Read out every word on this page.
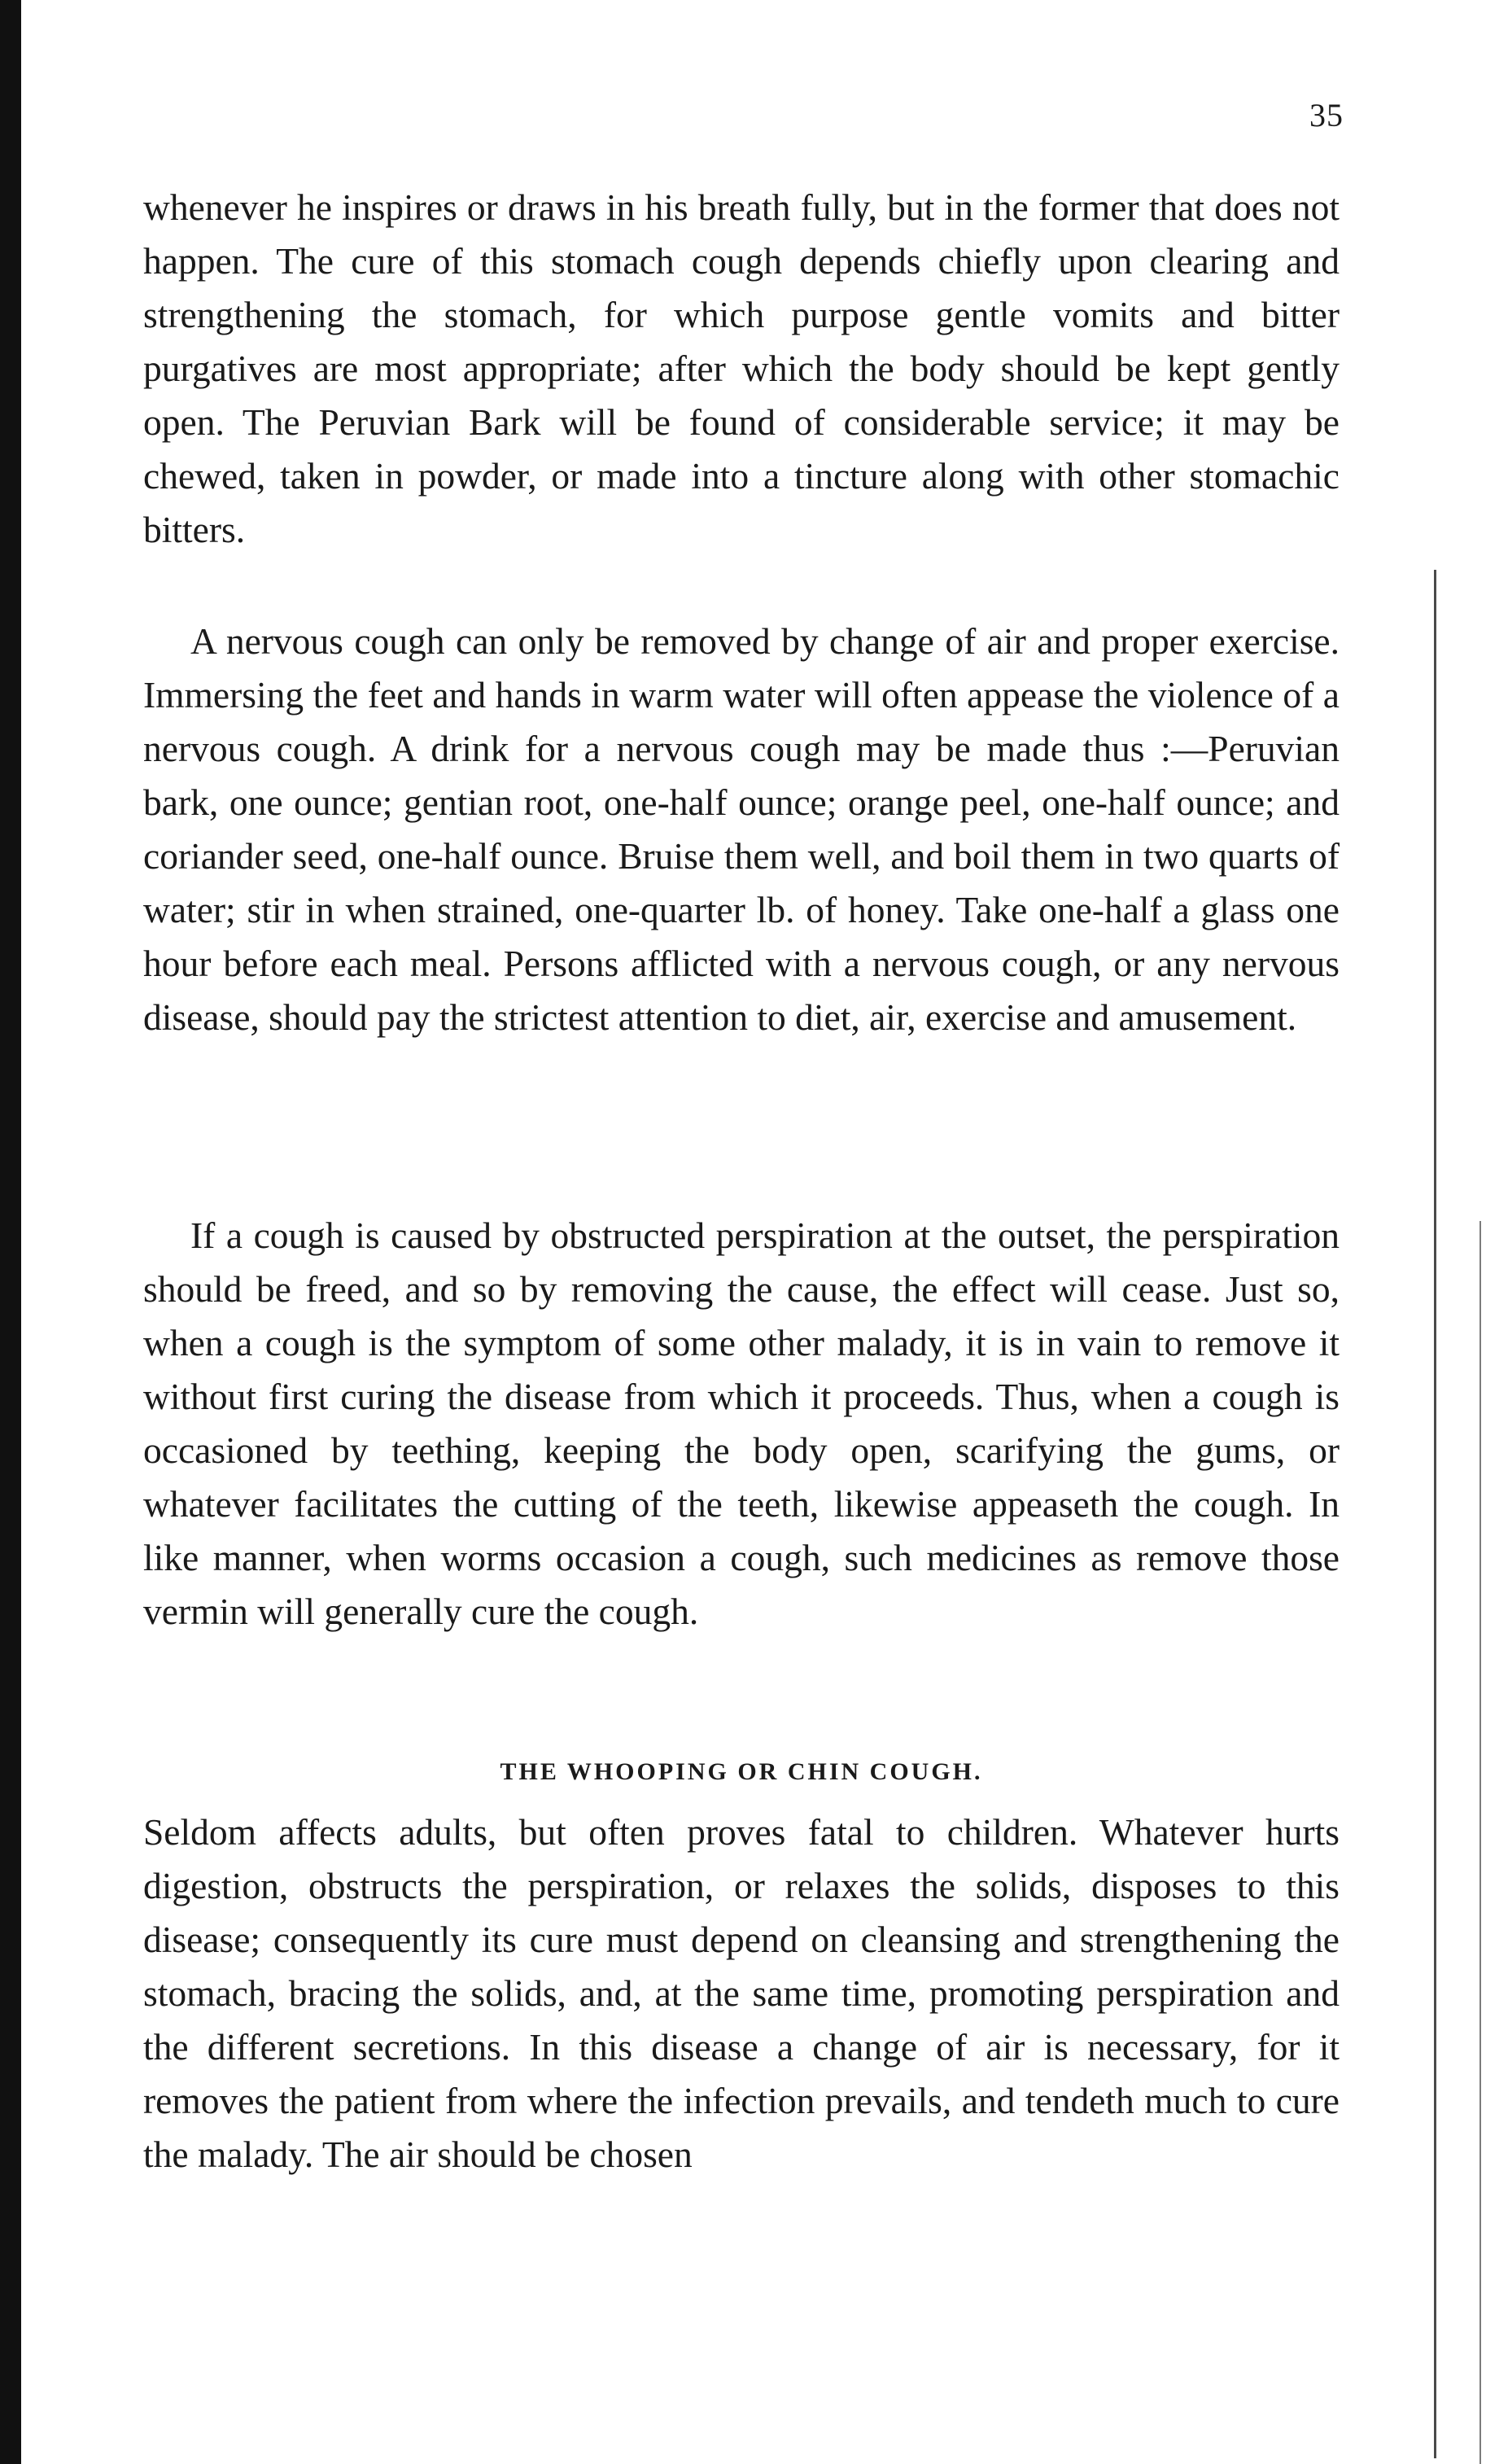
35

whenever he inspires or draws in his breath fully, but in the former that does not happen. The cure of this stomach cough depends chiefly upon clearing and strengthening the stomach, for which purpose gentle vomits and bitter purgatives are most appropriate; after which the body should be kept gently open. The Peruvian Bark will be found of considerable service; it may be chewed, taken in powder, or made into a tincture along with other stomachic bitters.

A nervous cough can only be removed by change of air and proper exercise. Immersing the feet and hands in warm water will often appease the violence of a nervous cough. A drink for a nervous cough may be made thus :—Peruvian bark, one ounce; gentian root, one-half ounce; orange peel, one-half ounce; and coriander seed, one-half ounce. Bruise them well, and boil them in two quarts of water; stir in when strained, one-quarter lb. of honey. Take one-half a glass one hour before each meal. Persons afflicted with a nervous cough, or any nervous disease, should pay the strictest attention to diet, air, exercise and amusement.

If a cough is caused by obstructed perspiration at the outset, the perspiration should be freed, and so by removing the cause, the effect will cease. Just so, when a cough is the symptom of some other malady, it is in vain to remove it without first curing the disease from which it proceeds. Thus, when a cough is occasioned by teething, keeping the body open, scarifying the gums, or whatever facilitates the cutting of the teeth, likewise appeaseth the cough. In like manner, when worms occasion a cough, such medicines as remove those vermin will generally cure the cough.

THE WHOOPING OR CHIN COUGH.

Seldom affects adults, but often proves fatal to children. Whatever hurts digestion, obstructs the perspiration, or relaxes the solids, disposes to this disease; consequently its cure must depend on cleansing and strengthening the stomach, bracing the solids, and, at the same time, promoting perspiration and the different secretions. In this disease a change of air is necessary, for it removes the patient from where the infection prevails, and tendeth much to cure the malady. The air should be chosen
